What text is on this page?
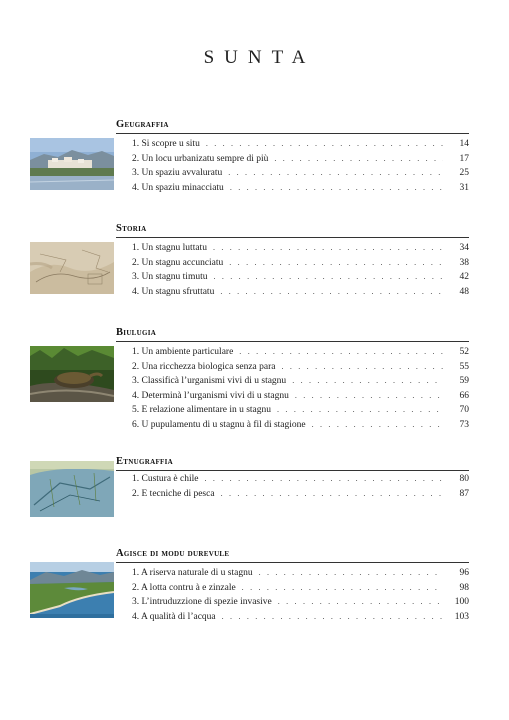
SUNTA
Geugraffia
1. Si scopre u situ . . .	14
2. Un locu urbanizatu sempre di più . . .	17
3. Un spaziu avvaluratu . . .	25
4. Un spaziu minacciatu . . .	31
Storia
1. Un stagnu luttatu . . .	34
2. Un stagnu accunciatu . . .	38
3. Un stagnu timutu . . .	42
4. Un stagnu sfruttatu . . .	48
Biulugia
1. Un ambiente particulare . . .	52
2. Una ricchezza biologica senza para . . .	55
3. Classificà l’urganismi vivi di u stagnu . . .	59
4. Determinà l’urganismi vivi di u stagnu . . .	66
5. E relazione alimentare in u stagnu . . .	70
6. U pupulamentu di u stagnu à fil di stagione . . .	73
Etnugraffia
1. Custura è chile . . .	80
2. E tecniche di pesca . . .	87
Agisce di modu durevule
1. A riserva naturale di u stagnu . . .	96
2. A lotta contru à e zinzale . . .	98
3. L’intruduzzione di spezie invasive . . .	100
4. A qualità di l’acqua . . .	103
